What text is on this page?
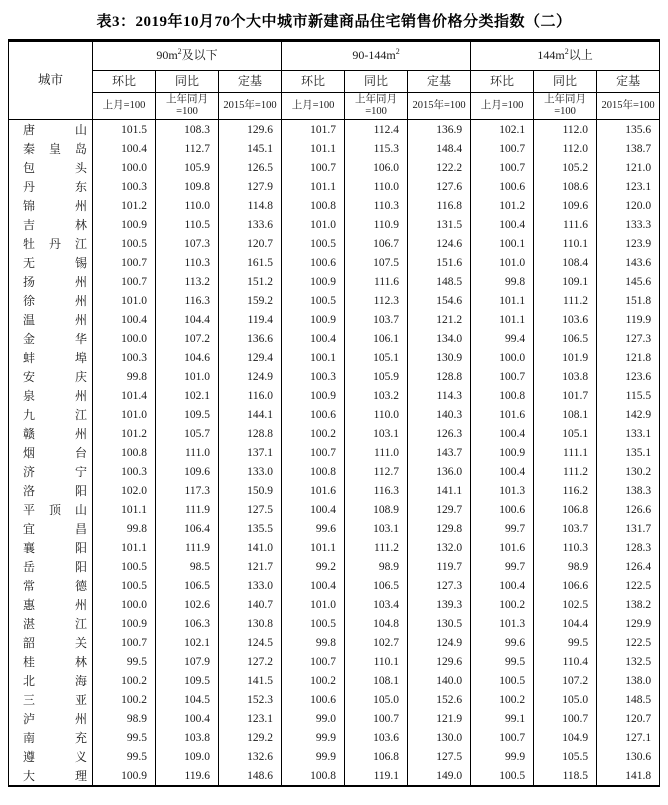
表3：2019年10月70个大中城市新建商品住宅销售价格分类指数（二）
城市	$90m^2$及以下			$90-144m^2$			$144m^2$以上		
	环比	同比	定基	环比	同比	定基	环比	同比	定基
	上月=100	上年同月=100	2015年=100	上月=100	上年同月=100	2015年=100	上月=100	上年同月=100	2015年=100

唐 山	101.5	108.3	129.6	101.7	112.4	136.9	102.1	112.0	135.6

秦 皇 岛	100.4	112.7	145.1	101.1	115.3	148.4	100.7	112.0	138.7

包 头	100.0	105.9	126.5	100.7	106.0	122.2	100.7	105.2	121.0

丹 东	100.3	109.8	127.9	101.1	110.0	127.6	100.6	108.6	123.1

锦 州	101.2	110.0	114.8	100.8	110.3	116.8	101.2	109.6	120.0

吉 林	100.9	110.5	133.6	101.0	110.9	131.5	100.4	111.6	133.3

牡 丹 江	100.5	107.3	120.7	100.5	106.7	124.6	100.1	110.1	123.9

无 锡	100.7	110.3	161.5	100.6	107.5	151.6	101.0	108.4	143.6

扬 州	100.7	113.2	151.2	100.9	111.6	148.5	99.8	109.1	145.6

徐 州	101.0	116.3	159.2	100.5	112.3	154.6	101.1	111.2	151.8

温 州	100.4	104.4	119.4	100.9	103.7	121.2	101.1	103.6	119.9

金 华	100.0	107.2	136.6	100.4	106.1	134.0	99.4	106.5	127.3

蚌 埠	100.3	104.6	129.4	100.1	105.1	130.9	100.0	101.9	121.8

安 庆	99.8	101.0	124.9	100.3	105.9	128.8	100.7	103.8	123.6

泉 州	101.4	102.1	116.0	100.9	103.2	114.3	100.8	101.7	115.5

九 江	101.0	109.5	144.1	100.6	110.0	140.3	101.6	108.1	142.9

赣 州	101.2	105.7	128.8	100.2	103.1	126.3	100.4	105.1	133.1

烟 台	100.8	111.0	137.1	100.7	111.0	143.7	100.9	111.1	135.1

济 宁	100.3	109.6	133.0	100.8	112.7	136.0	100.4	111.2	130.2

洛 阳	102.0	117.3	150.9	101.6	116.3	141.1	101.3	116.2	138.3

平 顶 山	101.1	111.9	127.5	100.4	108.9	129.7	100.6	106.8	126.6

宜 昌	99.8	106.4	135.5	99.6	103.1	129.8	99.7	103.7	131.7

襄 阳	101.1	111.9	141.0	101.1	111.2	132.0	101.6	110.3	128.3

岳 阳	100.5	98.5	121.7	99.2	98.9	119.7	99.7	98.9	126.4

常 德	100.5	106.5	133.0	100.4	106.5	127.3	100.4	106.6	122.5

惠 州	100.0	102.6	140.7	101.0	103.4	139.3	100.2	102.5	138.2

湛 江	100.9	106.3	130.8	100.5	104.8	130.5	101.3	104.4	129.9

韶 关	100.7	102.1	124.5	99.8	102.7	124.9	99.6	99.5	122.5

桂 林	99.5	107.9	127.2	100.7	110.1	129.6	99.5	110.4	132.5

北 海	100.2	109.5	141.5	100.2	108.1	140.0	100.5	107.2	138.0

三 亚	100.2	104.5	152.3	100.6	105.0	152.6	100.2	105.0	148.5

泸 州	98.9	100.4	123.1	99.0	100.7	121.9	99.1	100.7	120.7

南 充	99.5	103.8	129.2	99.9	103.6	130.0	100.7	104.9	127.1

遵 义	99.5	109.0	132.6	99.9	106.8	127.5	99.9	105.5	130.6

大 理	100.9	119.6	148.6	100.8	119.1	149.0	100.5	118.5	141.8
